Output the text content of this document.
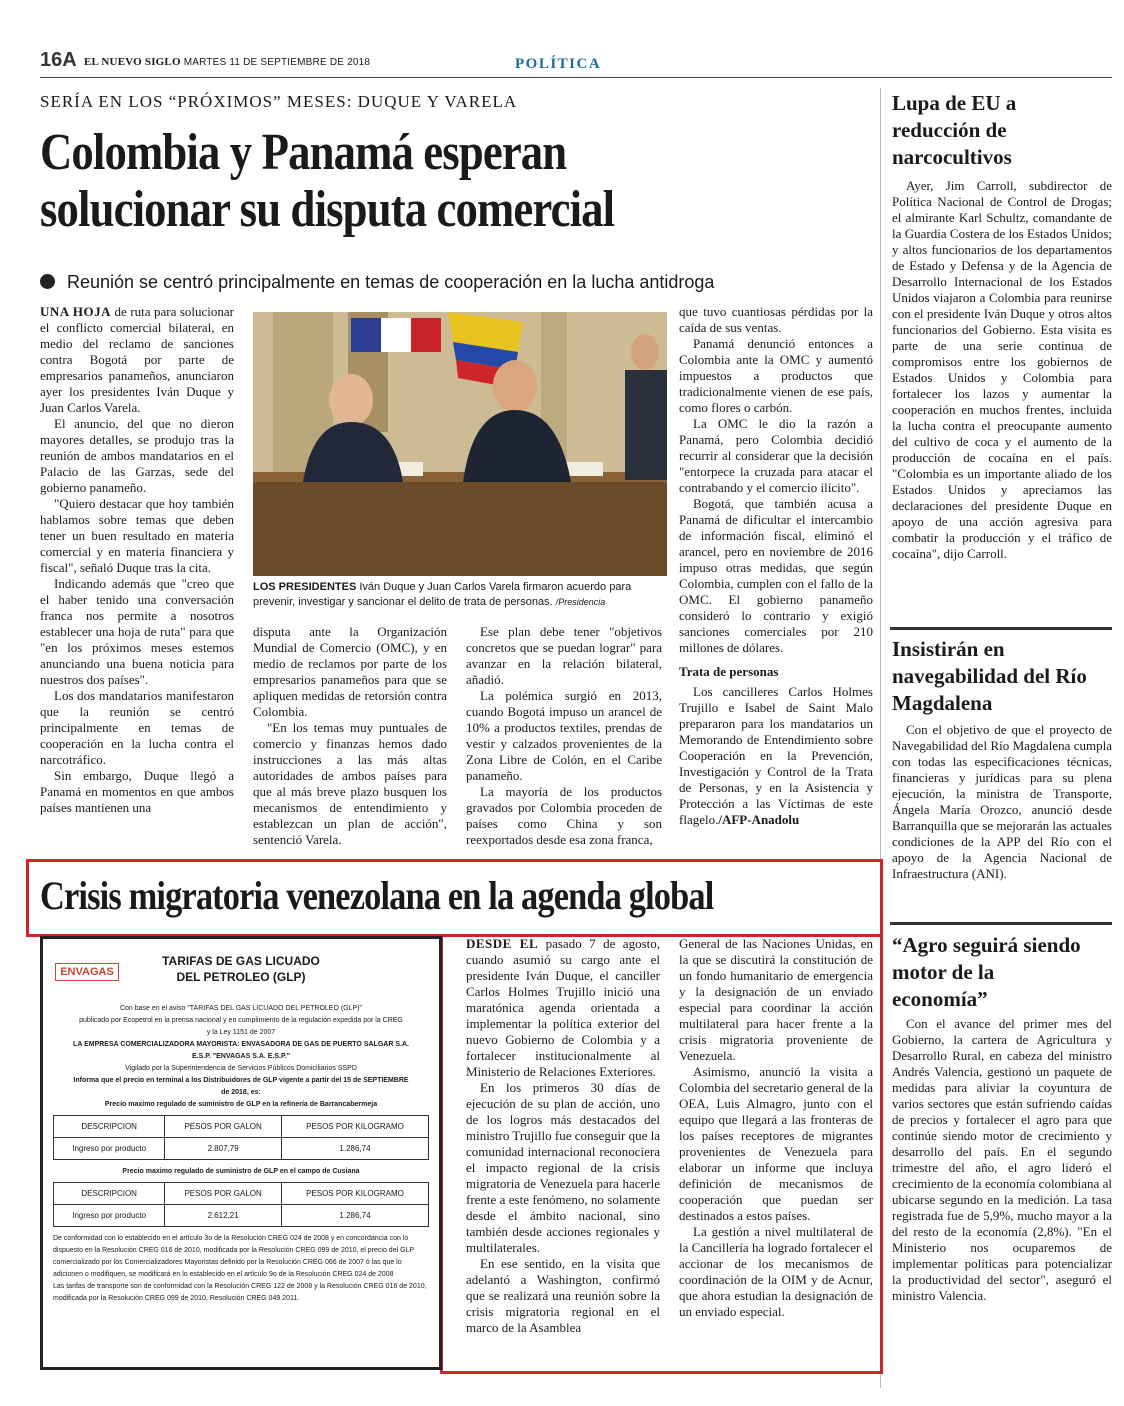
16A EL NUEVO SIGLO MARTES 11 DE SEPTIEMBRE DE 2018	POLÍTICA
SERÍA EN LOS “PRÓXIMOS” MESES: DUQUE Y VARELA
Colombia y Panamá esperan
solucionar su disputa comercial
Reunión se centró principalmente en temas de cooperación en la lucha antidroga

UNA HOJA de ruta para solucionar el conflicto comercial bilateral, en medio del reclamo de sanciones contra Bogotá por parte de empresarios panameños, anunciaron ayer los presidentes Iván Duque y Juan Carlos Varela.

El anuncio, del que no dieron mayores detalles, se produjo tras la reunión de ambos mandatarios en el Palacio de las Garzas, sede del gobierno panameño.

"Quiero destacar que hoy también hablamos sobre temas que deben tener un buen resultado en materia comercial y en materia financiera y fiscal", señaló Duque tras la cita.

Indicando además que "creo que el haber tenido una conversación franca nos permite a nosotros establecer una hoja de ruta" para que "en los próximos meses estemos anunciando una buena noticia para nuestros dos países".

Los dos mandatarios manifestaron que la reunión se centró principalmente en temas de cooperación en la lucha contra el narcotráfico.

Sin embargo, Duque llegó a Panamá en momentos en que ambos países mantienen una

LOS PRESIDENTES Iván Duque y Juan Carlos Varela firmaron acuerdo para prevenir, investigar y sancionar el delito de trata de personas. /Presidencia

disputa ante la Organización Mundial de Comercio (OMC), y en medio de reclamos por parte de los empresarios panameños para que se apliquen medidas de retorsión contra Colombia.

"En los temas muy puntuales de comercio y finanzas hemos dado instrucciones a las más altas autoridades de ambos países para que al más breve plazo busquen los mecanismos de entendimiento y establezcan un plan de acción", sentenció Varela.

Ese plan debe tener "objetivos concretos que se puedan lograr" para avanzar en la relación bilateral, añadió.

La polémica surgió en 2013, cuando Bogotá impuso un arancel de 10% a productos textiles, prendas de vestir y calzados provenientes de la Zona Libre de Colón, en el Caribe panameño.

La mayoría de los productos gravados por Colombia proceden de países como China y son reexportados desde esa zona franca,

que tuvo cuantiosas pérdidas por la caída de sus ventas.

Panamá denunció entonces a Colombia ante la OMC y aumentó impuestos a productos que tradicionalmente vienen de ese país, como flores o carbón.

La OMC le dio la razón a Panamá, pero Colombia decidió recurrir al considerar que la decisión "entorpece la cruzada para atacar el contrabando y el comercio ilícito".

Bogotá, que también acusa a Panamá de dificultar el intercambio de información fiscal, eliminó el arancel, pero en noviembre de 2016 impuso otras medidas, que según Colombia, cumplen con el fallo de la OMC. El gobierno panameño consideró lo contrario y exigió sanciones comerciales por 210 millones de dólares.

Trata de personas

Los cancilleres Carlos Holmes Trujillo e Isabel de Saint Malo prepararon para los mandatarios un Memorando de Entendimiento sobre Cooperación en la Prevención, Investigación y Control de la Trata de Personas, y en la Asistencia y Protección a las Víctimas de este flagelo./AFP-Anadolu

Lupa de EU a reducción de narcocultivos

Ayer, Jim Carroll, subdirector de Política Nacional de Control de Drogas; el almirante Karl Schultz, comandante de la Guardia Costera de los Estados Unidos; y altos funcionarios de los departamentos de Estado y Defensa y de la Agencia de Desarrollo Internacional de los Estados Unidos viajaron a Colombia para reunirse con el presidente Iván Duque y otros altos funcionarios del Gobierno. Esta visita es parte de una serie continua de compromisos entre los gobiernos de Estados Unidos y Colombia para fortalecer los lazos y aumentar la cooperación en muchos frentes, incluida la lucha contra el preocupante aumento del cultivo de coca y el aumento de la producción de cocaína en el país. "Colombia es un importante aliado de los Estados Unidos y apreciamos las declaraciones del presidente Duque en apoyo de una acción agresiva para combatir la producción y el tráfico de cocaína", dijo Carroll.

Insistirán en navegabilidad del Río Magdalena

Con el objetivo de que el proyecto de Navegabilidad del Río Magdalena cumpla con todas las especificaciones técnicas, financieras y jurídicas para su plena ejecución, la ministra de Transporte, Ángela María Orozco, anunció desde Barranquilla que se mejorarán las actuales condiciones de la APP del Río con el apoyo de la Agencia Nacional de Infraestructura (ANI).

“Agro seguirá siendo motor de la economía”

Con el avance del primer mes del Gobierno, la cartera de Agricultura y Desarrollo Rural, en cabeza del ministro Andrés Valencia, gestionó un paquete de medidas para aliviar la coyuntura de varios sectores que están sufriendo caídas de precios y fortalecer el agro para que continúe siendo motor de crecimiento y desarrollo del país. En el segundo trimestre del año, el agro lideró el crecimiento de la economía colombiana al ubicarse segundo en la medición. La tasa registrada fue de 5,9%, mucho mayor a la del resto de la economía (2,8%). "En el Ministerio nos ocuparemos de implementar políticas para potencializar la productividad del sector", aseguró el ministro Valencia.

Crisis migratoria venezolana en la agenda global

DESDE EL pasado 7 de agosto, cuando asumió su cargo ante el presidente Iván Duque, el canciller Carlos Holmes Trujillo inició una maratónica agenda orientada a implementar la política exterior del nuevo Gobierno de Colombia y a fortalecer institucionalmente al Ministerio de Relaciones Exteriores.

En los primeros 30 días de ejecución de su plan de acción, uno de los logros más destacados del ministro Trujillo fue conseguir que la comunidad internacional reconociera el impacto regional de la crisis migratoria de Venezuela para hacerle frente a este fenómeno, no solamente desde el ámbito nacional, sino también desde acciones regionales y multilaterales.

En ese sentido, en la visita que adelantó a Washington, confirmó que se realizará una reunión sobre la crisis migratoria regional en el marco de la Asamblea

General de las Naciones Unidas, en la que se discutirá la constitución de un fondo humanitario de emergencia y la designación de un enviado especial para coordinar la acción multilateral para hacer frente a la crisis migratoria proveniente de Venezuela.

Asimismo, anunció la visita a Colombia del secretario general de la OEA, Luis Almagro, junto con el equipo que llegará a las fronteras de los países receptores de migrantes provenientes de Venezuela para elaborar un informe que incluya definición de mecanismos de cooperación que puedan ser destinados a estos países.

La gestión a nivel multilateral de la Cancillería ha logrado fortalecer el accionar de los mecanismos de coordinación de la OIM y de Acnur, que ahora estudian la designación de un enviado especial.

ENVAGAS
TARIFAS DE GAS LICUADO
DEL PETROLEO (GLP)
Con base en el aviso "TARIFAS DEL GAS LICUADO DEL PETROLEO (GLP)"
publicado por Ecopetrol en la prensa nacional y en cumplimiento de la regulación expedida por la CREG
y la Ley 1151 de 2007
LA EMPRESA COMERCIALIZADORA MAYORISTA: ENVASADORA DE GAS DE PUERTO SALGAR S.A.
E.S.P. "ENVAGAS S.A. E.S.P."
Vigilado por la Superintendencia de Servicios Públicos Domiciliarios SSPD
Informa que el precio en terminal a los Distribuidores de GLP vigente a partir del 15 de SEPTIEMBRE
de 2018, es:
Precio maximo regulado de suministro de GLP en la refinería de Barrancabermeja
DESCRIPCION	PESOS POR GALON	PESOS POR KILOGRAMO
Ingreso por producto	2.807,79	1.286,74
Precio maximo regulado de suministro de GLP en el campo de Cusiana
DESCRIPCION	PESOS POR GALON	PESOS POR KILOGRAMO
Ingreso por producto	2.612,21	1.286,74
De conformidad con lo establecido en el artículo 3o de la Resolución CREG 024 de 2008 y en concordancia con lo dispuesto en la Resolución CREG 016 de 2010, modificada por la Resolución CREG 099 de 2010, el precio del GLP comercializado por los Comercializadores Mayoristas definido por la Resolución CREG 066 de 2007 ó las que lo adicionen o modifiquen, se modificará en lo establecido en el artículo 9o de la Resolución CREG 024 de 2008
Las tarifas de transporte son de conformidad con la Resolución CREG 122 de 2008 y la Resolución CREG 016 de 2010, modificada por la Resolución CREG 099 de 2010, Resolución CREG 049 2011.
